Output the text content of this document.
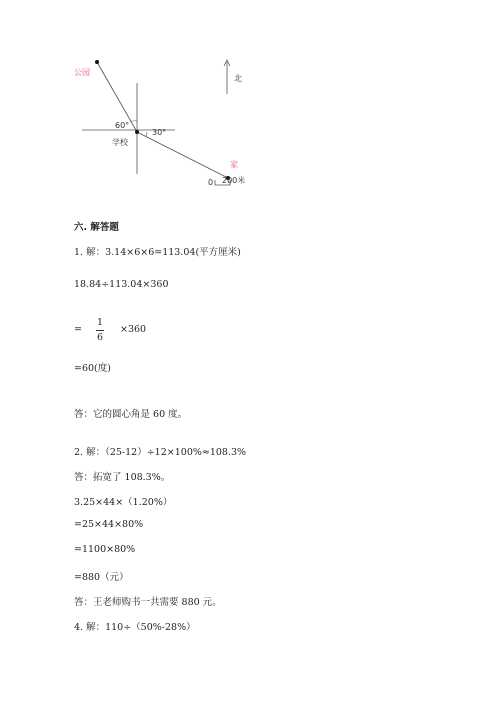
公园
学校
家
60°
30°
北
0 200米
六. 解答题
1. 解：3.14×6×6=113.04(平方厘米)
18.84÷113.04×360
=
1
6
×360
=60(度)
答：它的圆心角是 60 度。
2. 解：（25-12）÷12×100%≈108.3%
答：拓宽了 108.3%。
3.25×44×（1.20%）
=25×44×80%
=1100×80%
=880（元）
答：王老师购书一共需要 880 元。
4. 解：110÷（50%-28%）
